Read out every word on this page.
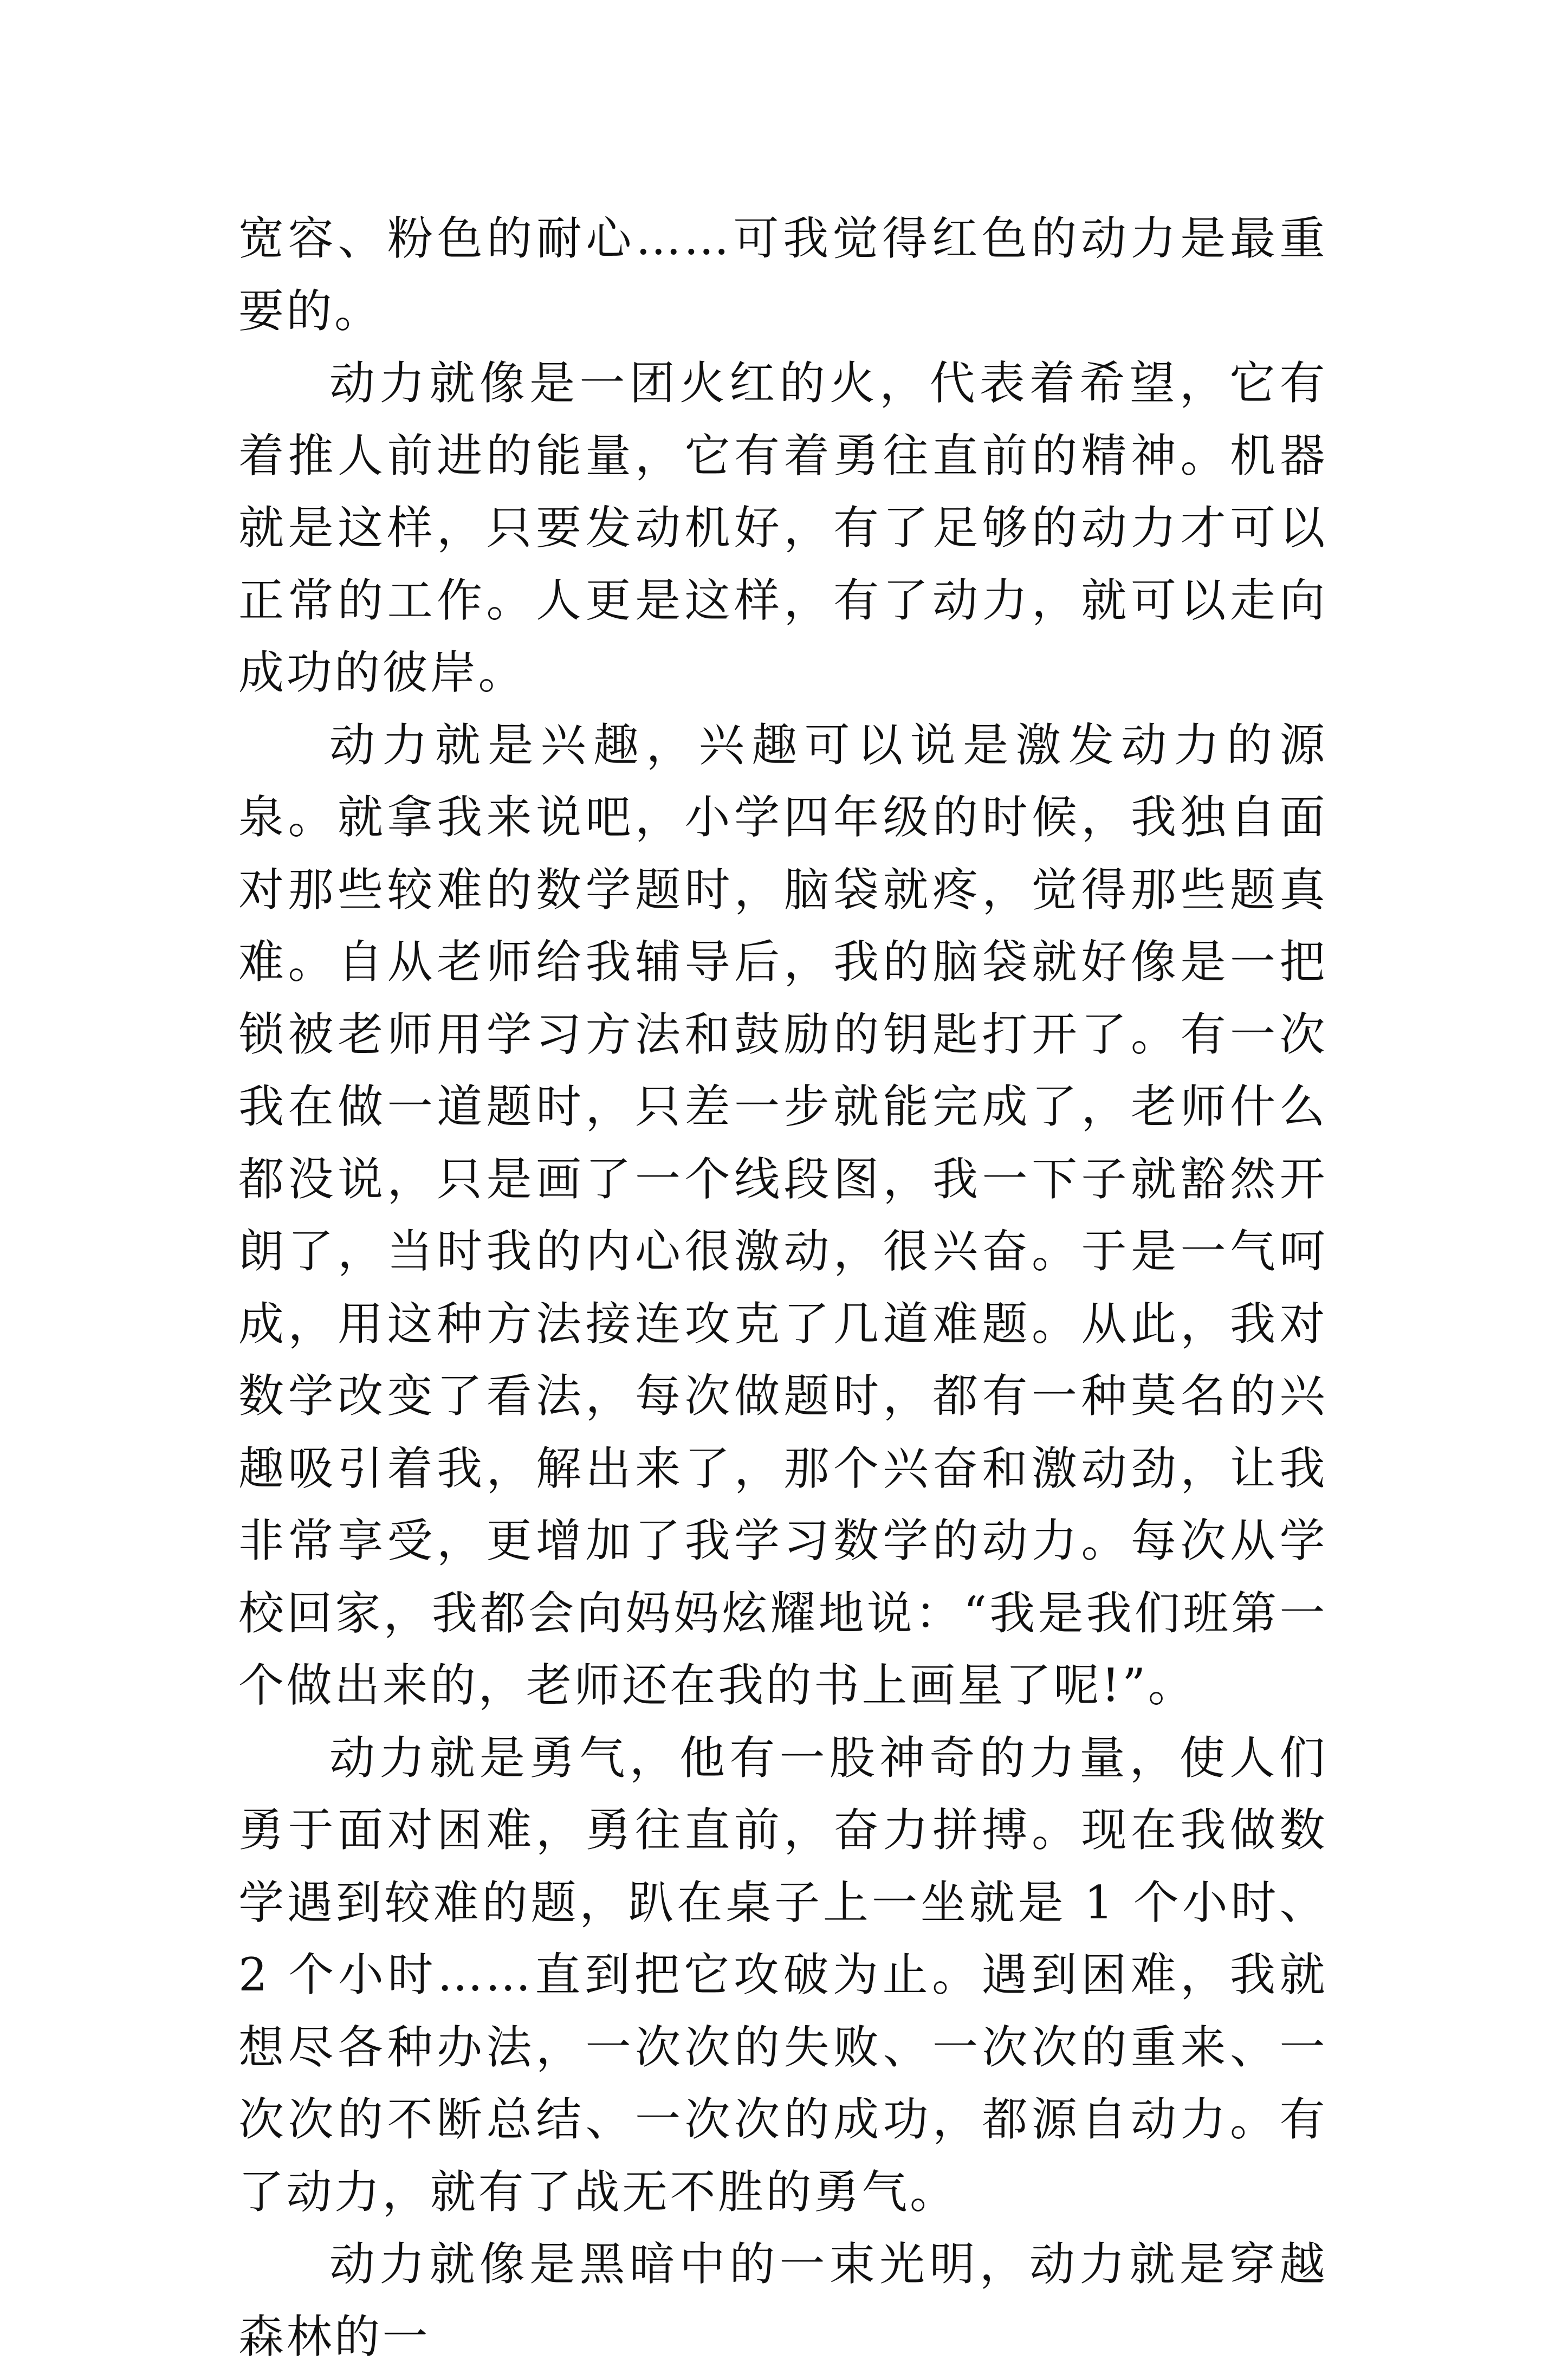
宽容、粉色的耐心……可我觉得红色的动力是最重要的。

动力就像是一团火红的火，代表着希望，它有着推人前进的能量，它有着勇往直前的精神。机器就是这样，只要发动机好，有了足够的动力才可以正常的工作。人更是这样，有了动力，就可以走向成功的彼岸。

动力就是兴趣，兴趣可以说是激发动力的源泉。就拿我来说吧，小学四年级的时候，我独自面对那些较难的数学题时，脑袋就疼，觉得那些题真难。自从老师给我辅导后，我的脑袋就好像是一把锁被老师用学习方法和鼓励的钥匙打开了。有一次我在做一道题时，只差一步就能完成了，老师什么都没说，只是画了一个线段图，我一下子就豁然开朗了，当时我的内心很激动，很兴奋。于是一气呵成，用这种方法接连攻克了几道难题。从此，我对数学改变了看法，每次做题时，都有一种莫名的兴趣吸引着我，解出来了，那个兴奋和激动劲，让我非常享受，更增加了我学习数学的动力。每次从学校回家，我都会向妈妈炫耀地说：“我是我们班第一个做出来的，老师还在我的书上画星了呢!”。

动力就是勇气，他有一股神奇的力量，使人们勇于面对困难，勇往直前，奋力拼搏。现在我做数学遇到较难的题，趴在桌子上一坐就是 1 个小时、2 个小时……直到把它攻破为止。遇到困难，我就想尽各种办法，一次次的失败、一次次的重来、一次次的不断总结、一次次的成功，都源自动力。有了动力，就有了战无不胜的勇气。

动力就像是黑暗中的一束光明，动力就是穿越森林的一
